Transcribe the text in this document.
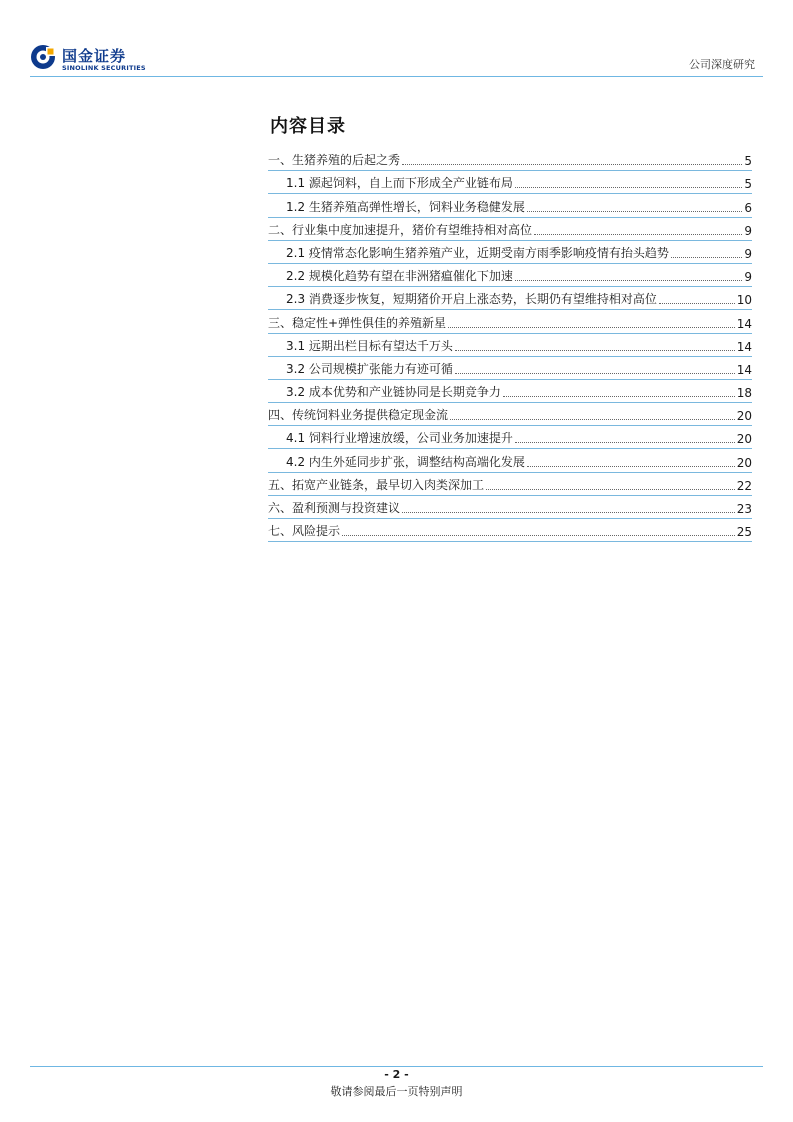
国金证券
SINOLINK SECURITIES	公司深度研究
内容目录
一、生猪养殖的后起之秀	5
1.1 源起饲料，自上而下形成全产业链布局	5
1.2 生猪养殖高弹性增长，饲料业务稳健发展	6
二、行业集中度加速提升，猪价有望维持相对高位	9
2.1 疫情常态化影响生猪养殖产业，近期受南方雨季影响疫情有抬头趋势	9
2.2 规模化趋势有望在非洲猪瘟催化下加速	9
2.3 消费逐步恢复，短期猪价开启上涨态势，长期仍有望维持相对高位	10
三、稳定性+弹性俱佳的养殖新星	14
3.1 远期出栏目标有望达千万头	14
3.2 公司规模扩张能力有迹可循	14
3.2 成本优势和产业链协同是长期竞争力	18
四、传统饲料业务提供稳定现金流	20
4.1 饲料行业增速放缓，公司业务加速提升	20
4.2 内生外延同步扩张，调整结构高端化发展	20
五、拓宽产业链条，最早切入肉类深加工	22
六、盈利预测与投资建议	23
七、风险提示	25
- 2 -
敬请参阅最后一页特别声明
